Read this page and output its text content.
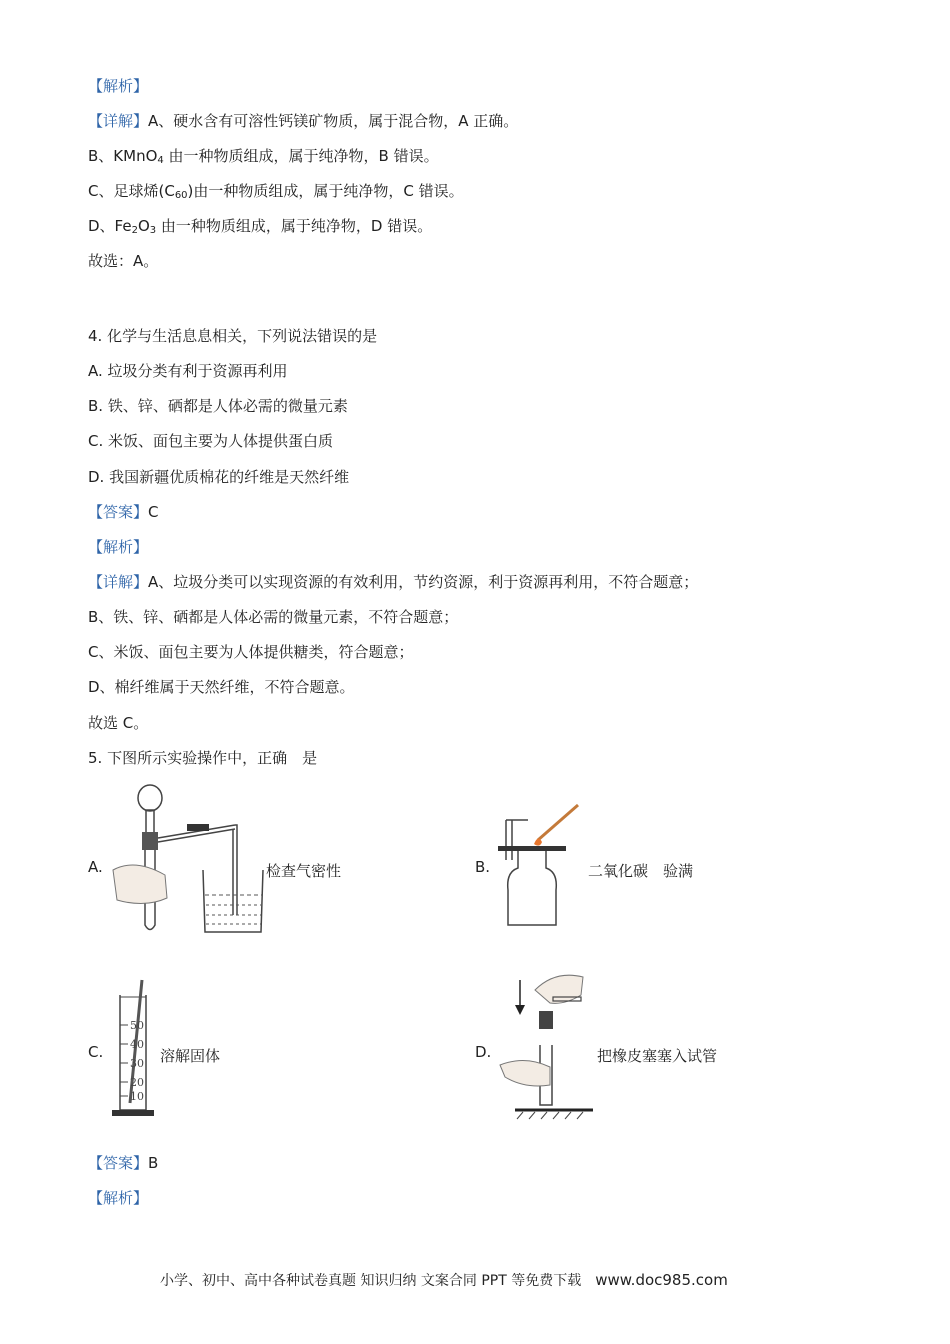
【解析】
【详解】A、硬水含有可溶性钙镁矿物质，属于混合物，A 正确。
B、KMnO$_4$ 由一种物质组成，属于纯净物，B 错误。
C、足球烯$(C_{60})$由一种物质组成，属于纯净物，C 错误。
D、$Fe_2O_3$ 由一种物质组成，属于纯净物，D 错误。
故选：A。
4. 化学与生活息息相关，下列说法错误的是
A. 垃圾分类有利于资源再利用
B. 铁、锌、硒都是人体必需的微量元素
C. 米饭、面包主要为人体提供蛋白质
D. 我国新疆优质棉花的纤维是天然纤维
【答案】C
【解析】
【详解】A、垃圾分类可以实现资源的有效利用，节约资源，利于资源再利用，不符合题意；
B、铁、锌、硒都是人体必需的微量元素，不符合题意；
C、米饭、面包主要为人体提供糖类，符合题意；
D、棉纤维属于天然纤维，不符合题意。
故选 C。
5. 下图所示实验操作中，正确　是
A.	检查气密性	B.	二氧化碳　验满
C.
50
40
30
20
10
溶解固体	D.	把橡皮塞塞入试管
【答案】B
【解析】
小学、初中、高中各种试卷真题 知识归纳 文案合同 PPT 等免费下载 www.doc985.com
